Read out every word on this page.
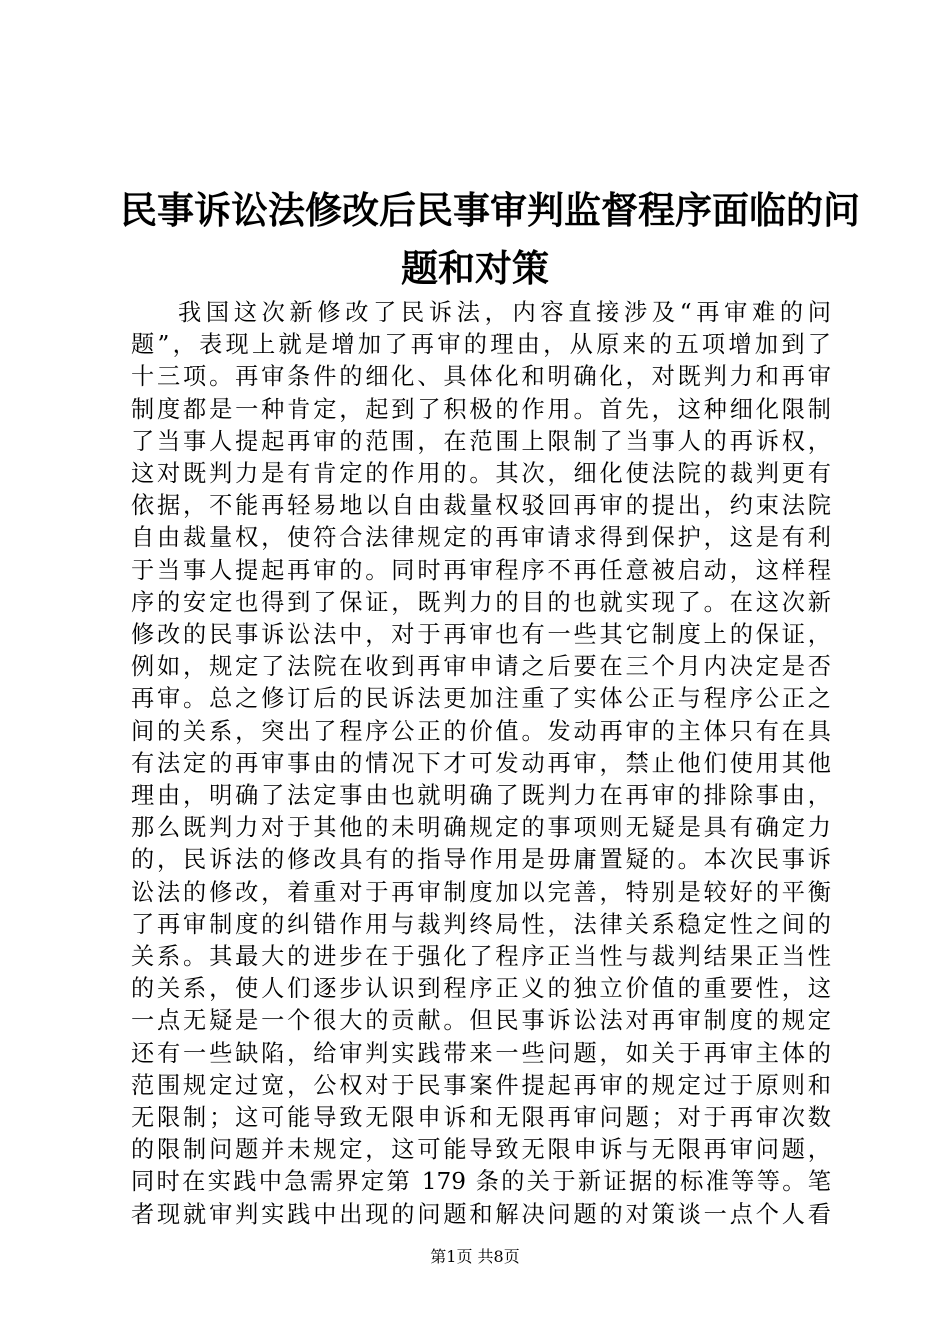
民事诉讼法修改后民事审判监督程序面临的问
题和对策
我国这次新修改了民诉法，内容直接涉及“再审难的问
题”，表现上就是增加了再审的理由，从原来的五项增加到了
十三项。再审条件的细化、具体化和明确化，对既判力和再审
制度都是一种肯定，起到了积极的作用。首先，这种细化限制
了当事人提起再审的范围，在范围上限制了当事人的再诉权，
这对既判力是有肯定的作用的。其次，细化使法院的裁判更有
依据，不能再轻易地以自由裁量权驳回再审的提出，约束法院
自由裁量权，使符合法律规定的再审请求得到保护，这是有利
于当事人提起再审的。同时再审程序不再任意被启动，这样程
序的安定也得到了保证，既判力的目的也就实现了。在这次新
修改的民事诉讼法中，对于再审也有一些其它制度上的保证，
例如，规定了法院在收到再审申请之后要在三个月内决定是否
再审。总之修订后的民诉法更加注重了实体公正与程序公正之
间的关系，突出了程序公正的价值。发动再审的主体只有在具
有法定的再审事由的情况下才可发动再审，禁止他们使用其他
理由，明确了法定事由也就明确了既判力在再审的排除事由，
那么既判力对于其他的未明确规定的事项则无疑是具有确定力
的，民诉法的修改具有的指导作用是毋庸置疑的。本次民事诉
讼法的修改，着重对于再审制度加以完善，特别是较好的平衡
了再审制度的纠错作用与裁判终局性，法律关系稳定性之间的
关系。其最大的进步在于强化了程序正当性与裁判结果正当性
的关系，使人们逐步认识到程序正义的独立价值的重要性，这
一点无疑是一个很大的贡献。但民事诉讼法对再审制度的规定
还有一些缺陷，给审判实践带来一些问题，如关于再审主体的
范围规定过宽，公权对于民事案件提起再审的规定过于原则和
无限制；这可能导致无限申诉和无限再审问题；对于再审次数
的限制问题并未规定，这可能导致无限申诉与无限再审问题，
同时在实践中急需界定第 179 条的关于新证据的标准等等。笔
者现就审判实践中出现的问题和解决问题的对策谈一点个人看
第1页 共8页
